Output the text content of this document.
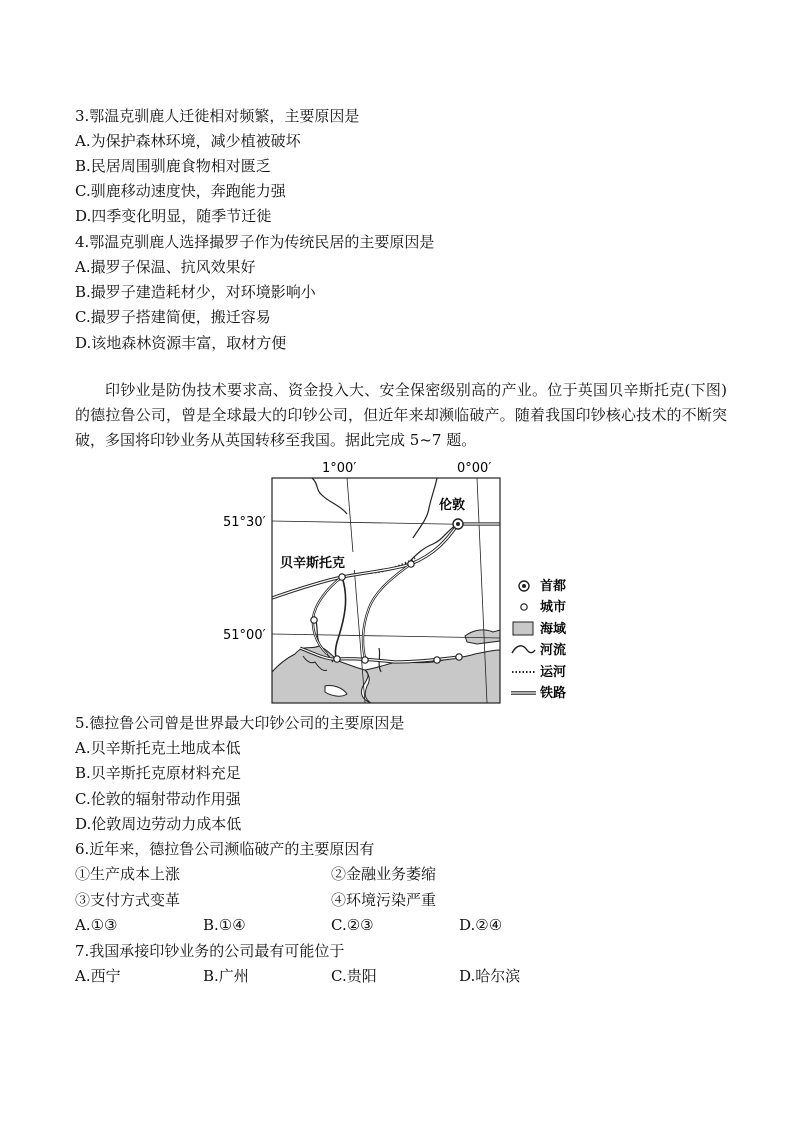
3.鄂温克驯鹿人迁徙相对频繁，主要原因是
A.为保护森林环境，减少植被破坏
B.民居周围驯鹿食物相对匮乏
C.驯鹿移动速度快，奔跑能力强
D.四季变化明显，随季节迁徙
4.鄂温克驯鹿人选择撮罗子作为传统民居的主要原因是
A.撮罗子保温、抗风效果好
B.撮罗子建造耗材少，对环境影响小
C.撮罗子搭建简便，搬迁容易
D.该地森林资源丰富，取材方便

印钞业是防伪技术要求高、资金投入大、安全保密级别高的产业。位于英国贝辛斯托克(下图)的德拉鲁公司，曾是全球最大的印钞公司，但近年来却濒临破产。随着我国印钞核心技术的不断突破，多国将印钞业务从英国转移至我国。据此完成 5~7 题。

1°00′	0°00′
51°30′
51°00′
伦敦
贝辛斯托克
首都
城市
海域
河流
运河
铁路
5.德拉鲁公司曾是世界最大印钞公司的主要原因是
A.贝辛斯托克土地成本低
B.贝辛斯托克原材料充足
C.伦敦的辐射带动作用强
D.伦敦周边劳动力成本低
6.近年来，德拉鲁公司濒临破产的主要原因有
①生产成本上涨	②金融业务萎缩
③支付方式变革	④环境污染严重
A.①③	B.①④	C.②③	D.②④
7.我国承接印钞业务的公司最有可能位于
A.西宁	B.广州	C.贵阳	D.哈尔滨
